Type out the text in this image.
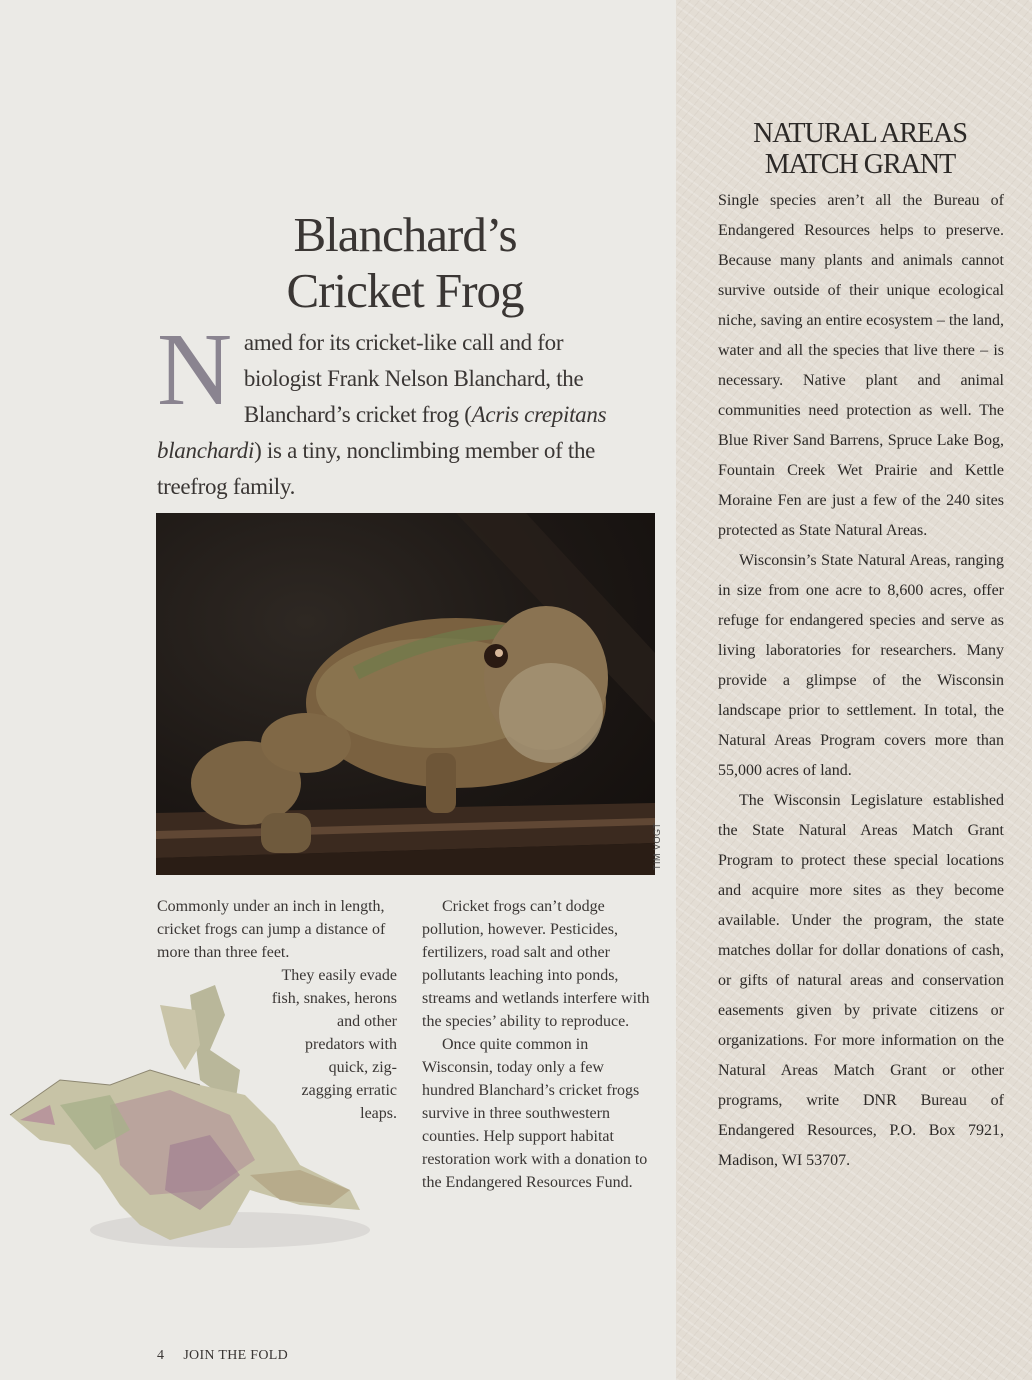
Blanchard’s
Cricket Frog
Named for its cricket-like call and for biologist Frank Nelson Blanchard, the Blanchard’s cricket frog (Acris crepitans blanchardi) is a tiny, nonclimbing member of the treefrog family.
TIM VOGT
Commonly under an inch in length, cricket frogs can jump a distance of more than three feet.
They easily evade
fish, snakes, herons
and other
predators with
quick, zig-
zagging erratic
leaps.

Cricket frogs can’t dodge pollution, however. Pesticides, fertilizers, road salt and other pollutants leaching into ponds, streams and wetlands interfere with the species’ ability to reproduce.

Once quite common in Wisconsin, today only a few hundred Blanchard’s cricket frogs survive in three southwestern counties. Help support habitat restoration work with a donation to the Endangered Resources Fund.

4 JOIN THE FOLD
NATURAL AREAS
MATCH GRANT

Single species aren’t all the Bureau of Endangered Resources helps to preserve. Because many plants and animals cannot survive outside of their unique ecological niche, saving an entire ecosystem – the land, water and all the species that live there – is necessary. Native plant and animal communities need protection as well. The Blue River Sand Barrens, Spruce Lake Bog, Fountain Creek Wet Prairie and Kettle Moraine Fen are just a few of the 240 sites protected as State Natural Areas.

Wisconsin’s State Natural Areas, ranging in size from one acre to 8,600 acres, offer refuge for endangered species and serve as living laboratories for researchers. Many provide a glimpse of the Wisconsin landscape prior to settlement. In total, the Natural Areas Program covers more than 55,000 acres of land.

The Wisconsin Legislature established the State Natural Areas Match Grant Program to protect these special locations and acquire more sites as they become available. Under the program, the state matches dollar for dollar donations of cash, or gifts of natural areas and conservation easements given by private citizens or organizations. For more information on the Natural Areas Match Grant or other programs, write DNR Bureau of Endangered Resources, P.O. Box 7921, Madison, WI 53707.
